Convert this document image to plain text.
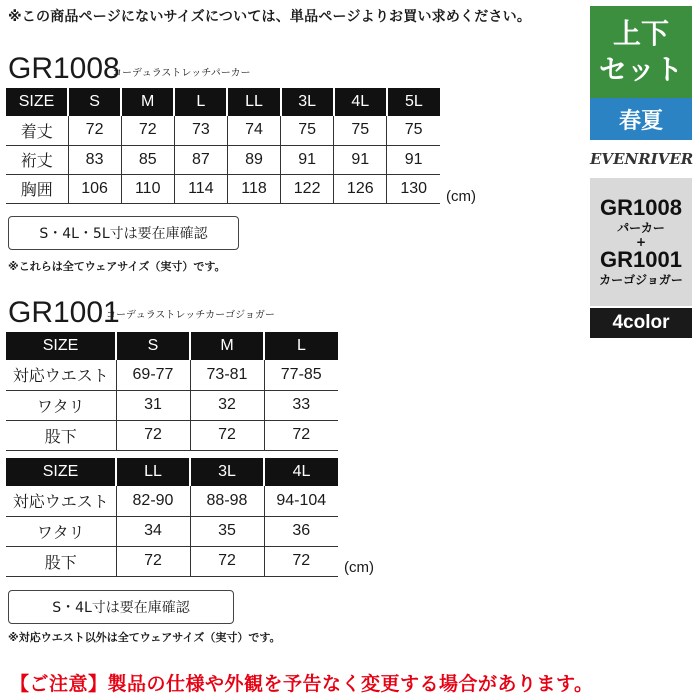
※この商品ページにないサイズについては、単品ページよりお買い求めください。
GR1008
コーデュラストレッチパーカー
SIZE	S	M	L	LL	3L	4L	5L
着丈	72	72	73	74	75	75	75
裄丈	83	85	87	89	91	91	91
胸囲	106	110	114	118	122	126	130 (cm)
S・4L・5L寸は要在庫確認
※これらは全てウェアサイズ（実寸）です。
GR1001
コーデュラストレッチカーゴジョガー
SIZE	S	M	L
対応ウエスト	69-77	73-81	77-85
ワタリ	31	32	33
股下	72	72	72
SIZE	LL	3L	4L
対応ウエスト	82-90	88-98	94-104
ワタリ	34	35	36
股下	72	72	72 (cm)
S・4L寸は要在庫確認
※対応ウエスト以外は全てウェアサイズ（実寸）です。
【ご注意】製品の仕様や外観を予告なく変更する場合があります。
上下
セット
春夏
EVENRIVER
GR1008
パーカー
+
GR1001
カーゴジョガー
4color
